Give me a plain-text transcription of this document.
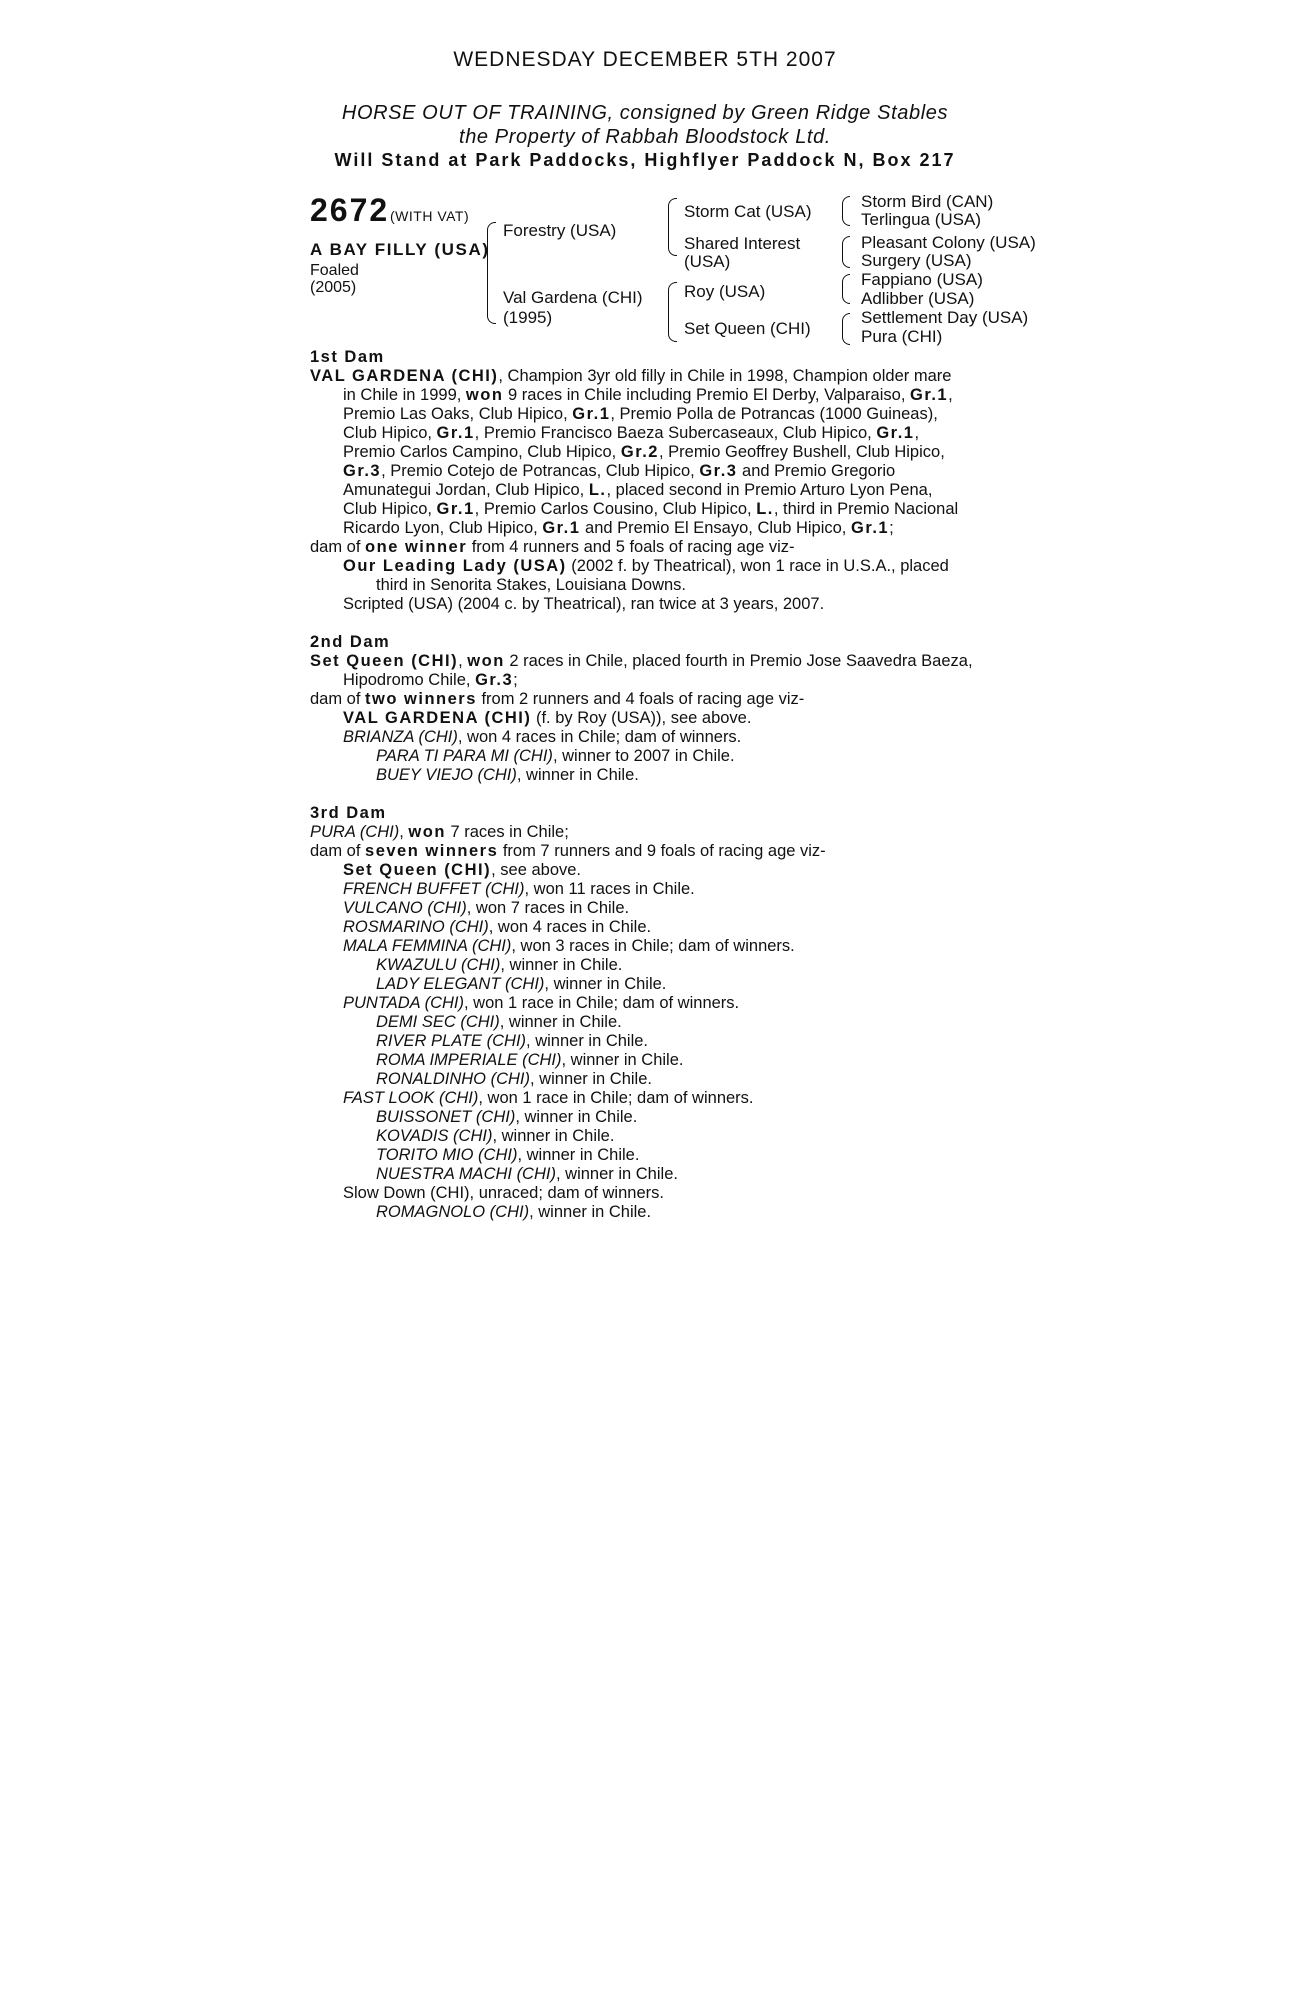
WEDNESDAY DECEMBER 5TH 2007
HORSE OUT OF TRAINING, consigned by Green Ridge Stables
the Property of Rabbah Bloodstock Ltd.
Will Stand at Park Paddocks, Highflyer Paddock N, Box 217
2672 (WITH VAT)
A BAY FILLY (USA)
Foaled
(2005)
Forestry (USA)
Val Gardena (CHI)
(1995)
Storm Cat (USA)
Shared Interest
(USA)
Roy (USA)
Set Queen (CHI)
Storm Bird (CAN)
Terlingua (USA)
Pleasant Colony (USA)
Surgery (USA)
Fappiano (USA)
Adlibber (USA)
Settlement Day (USA)
Pura (CHI)
1st Dam
VAL GARDENA (CHI), Champion 3yr old filly in Chile in 1998, Champion older mare
in Chile in 1999, won 9 races in Chile including Premio El Derby, Valparaiso, Gr.1,
Premio Las Oaks, Club Hipico, Gr.1, Premio Polla de Potrancas (1000 Guineas),
Club Hipico, Gr.1, Premio Francisco Baeza Subercaseaux, Club Hipico, Gr.1,
Premio Carlos Campino, Club Hipico, Gr.2, Premio Geoffrey Bushell, Club Hipico,
Gr.3, Premio Cotejo de Potrancas, Club Hipico, Gr.3 and Premio Gregorio
Amunategui Jordan, Club Hipico, L., placed second in Premio Arturo Lyon Pena,
Club Hipico, Gr.1, Premio Carlos Cousino, Club Hipico, L., third in Premio Nacional
Ricardo Lyon, Club Hipico, Gr.1 and Premio El Ensayo, Club Hipico, Gr.1;
dam of one winner from 4 runners and 5 foals of racing age viz-
Our Leading Lady (USA) (2002 f. by Theatrical), won 1 race in U.S.A., placed
third in Senorita Stakes, Louisiana Downs.
Scripted (USA) (2004 c. by Theatrical), ran twice at 3 years, 2007.
2nd Dam
Set Queen (CHI), won 2 races in Chile, placed fourth in Premio Jose Saavedra Baeza,
Hipodromo Chile, Gr.3;
dam of two winners from 2 runners and 4 foals of racing age viz-
VAL GARDENA (CHI) (f. by Roy (USA)), see above.
BRIANZA (CHI), won 4 races in Chile; dam of winners.
PARA TI PARA MI (CHI), winner to 2007 in Chile.
BUEY VIEJO (CHI), winner in Chile.
3rd Dam
PURA (CHI), won 7 races in Chile;
dam of seven winners from 7 runners and 9 foals of racing age viz-
Set Queen (CHI), see above.
FRENCH BUFFET (CHI), won 11 races in Chile.
VULCANO (CHI), won 7 races in Chile.
ROSMARINO (CHI), won 4 races in Chile.
MALA FEMMINA (CHI), won 3 races in Chile; dam of winners.
KWAZULU (CHI), winner in Chile.
LADY ELEGANT (CHI), winner in Chile.
PUNTADA (CHI), won 1 race in Chile; dam of winners.
DEMI SEC (CHI), winner in Chile.
RIVER PLATE (CHI), winner in Chile.
ROMA IMPERIALE (CHI), winner in Chile.
RONALDINHO (CHI), winner in Chile.
FAST LOOK (CHI), won 1 race in Chile; dam of winners.
BUISSONET (CHI), winner in Chile.
KOVADIS (CHI), winner in Chile.
TORITO MIO (CHI), winner in Chile.
NUESTRA MACHI (CHI), winner in Chile.
Slow Down (CHI), unraced; dam of winners.
ROMAGNOLO (CHI), winner in Chile.
